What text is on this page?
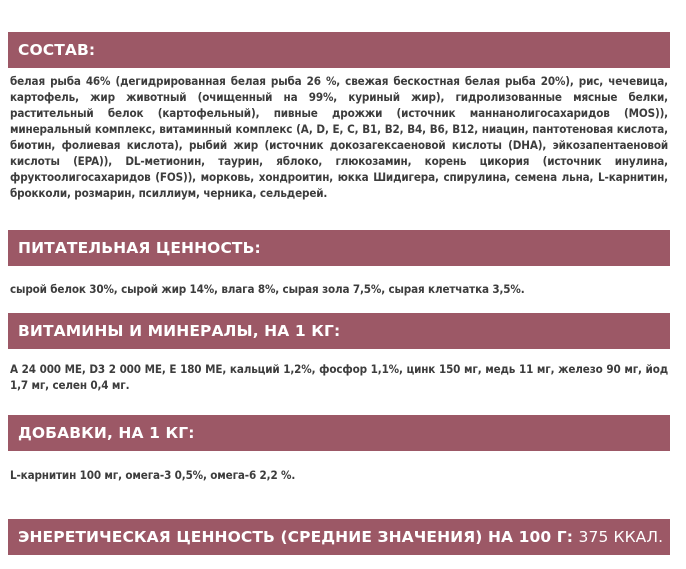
СОСТАВ:
белая рыба 46% (дегидрированная белая рыба 26 %, свежая бескостная белая рыба 20%), рис, чечевица, картофель, жир животный (очищенный на 99%, куриный жир), гидролизованные мясные белки, растительный белок (картофельный), пивные дрожжи (источник маннанолигосахаридов (MOS)), минеральный комплекс, витаминный комплекс (A, D, E, C, B1, B2, B4, B6, B12, ниацин, пантотеновая кислота, биотин, фолиевая кислота), рыбий жир (источник докозагексаеновой кислоты (DHA), эйкозапентаеновой кислоты (EPA)), DL-метионин, таурин, яблоко, глюкозамин, корень цикория (источник инулина, фруктоолигосахаридов (FOS)), морковь, хондроитин, юкка Шидигера, спирулина, семена льна, L-карнитин, брокколи, розмарин, псиллиум, черника, сельдерей.
ПИТАТЕЛЬНАЯ ЦЕННОСТЬ:
сырой белок 30%, сырой жир 14%, влага 8%, сырая зола 7,5%, сырая клетчатка 3,5%.
ВИТАМИНЫ И МИНЕРАЛЫ, НА 1 КГ:
A 24 000 МЕ, D3 2 000 МЕ, E 180 МЕ, кальций 1,2%, фосфор 1,1%, цинк 150 мг, медь 11 мг, железо 90 мг, йод 1,7 мг, селен 0,4 мг.
ДОБАВКИ, НА 1 КГ:
L-карнитин 100 мг, омега-3 0,5%, омега-6 2,2 %.
ЭНЕРЕТИЧЕСКАЯ ЦЕННОСТЬ (СРЕДНИЕ ЗНАЧЕНИЯ) НА 100 Г: 375 ККАЛ.
